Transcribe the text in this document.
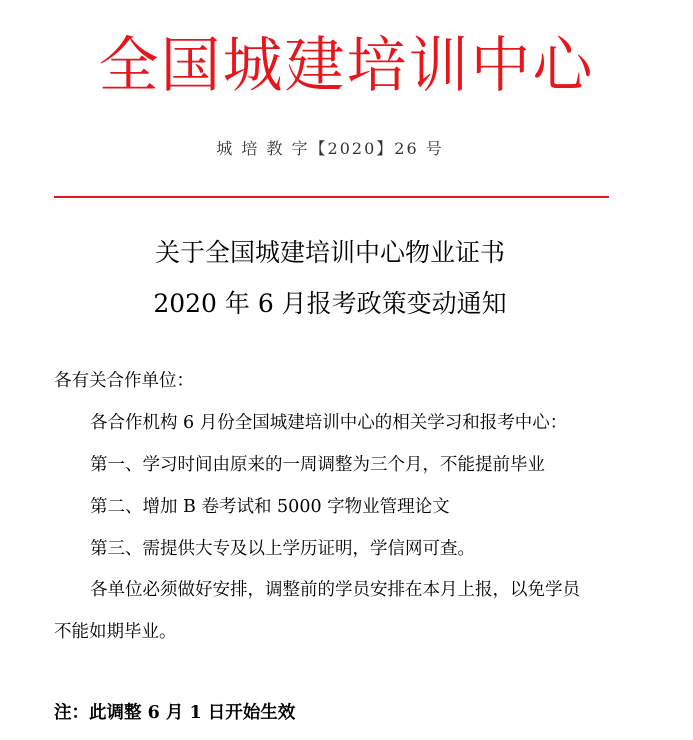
全国城建培训中心
城 培 教 字【2020】26 号
关于全国城建培训中心物业证书
2020 年 6 月报考政策变动通知
各有关合作单位：
各合作机构 6 月份全国城建培训中心的相关学习和报考中心：
第一、学习时间由原来的一周调整为三个月，不能提前毕业
第二、增加 B 卷考试和 5000 字物业管理论文
第三、需提供大专及以上学历证明，学信网可查。
各单位必须做好安排，调整前的学员安排在本月上报，以免学员
不能如期毕业。
注：此调整 6 月 1 日开始生效
